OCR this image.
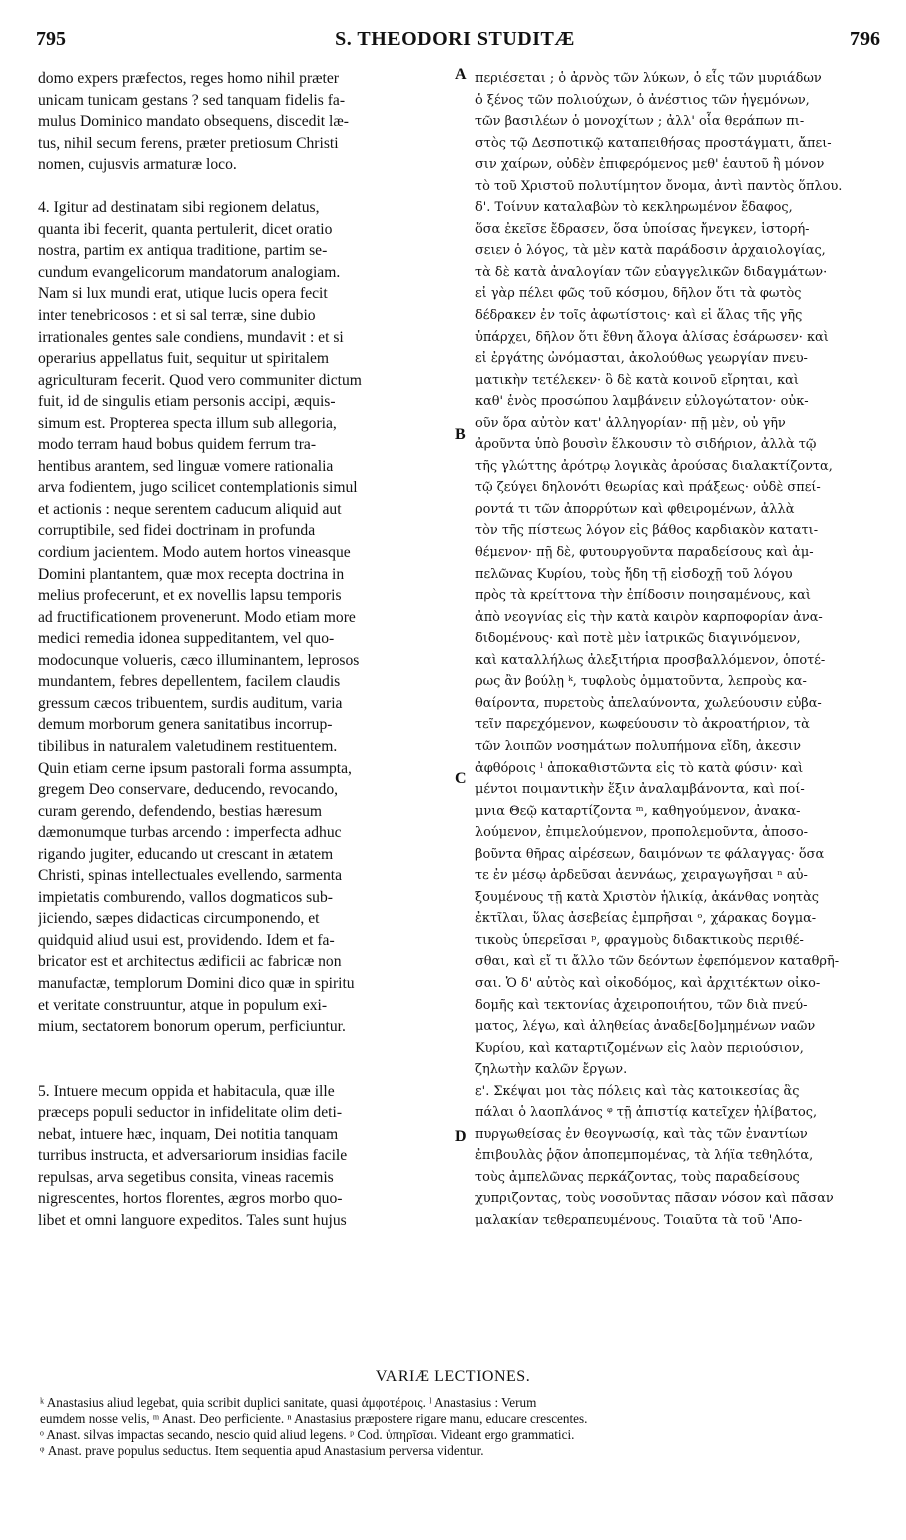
795	S. THEODORI STUDITÆ	796
domo expers præfectos, reges homo nihil præter
unicam tunicam gestans ? sed tanquam fidelis fa-
mulus Dominico mandato obsequens, discedit læ-
tus, nihil secum ferens, præter pretiosum Christi
nomen, cujusvis armaturæ loco.
4. Igitur ad destinatam sibi regionem delatus,
quanta ibi fecerit, quanta pertulerit, dicet oratio
nostra, partim ex antiqua traditione, partim se-
cundum evangelicorum mandatorum analogiam.
Nam si lux mundi erat, utique lucis opera fecit
inter tenebricosos : et si sal terræ, sine dubio
irrationales gentes sale condiens, mundavit : et si
operarius appellatus fuit, sequitur ut spiritalem
agriculturam fecerit. Quod vero communiter dictum
fuit, id de singulis etiam personis accipi, æquis-
simum est. Propterea specta illum sub allegoria,
modo terram haud bobus quidem ferrum tra-
hentibus arantem, sed linguæ vomere rationalia
arva fodientem, jugo scilicet contemplationis simul
et actionis : neque serentem caducum aliquid aut
corruptibile, sed fidei doctrinam in profunda
cordium jacientem. Modo autem hortos vineasque
Domini plantantem, quæ mox recepta doctrina in
melius profecerunt, et ex novellis lapsu temporis
ad fructificationem provenerunt. Modo etiam more
medici remedia idonea suppeditantem, vel quo-
modocunque volueris, cæco illuminantem, leprosos
mundantem, febres depellentem, facilem claudis
gressum cæcos tribuentem, surdis auditum, varia
demum morborum genera sanitatibus incorrup-
tibilibus in naturalem valetudinem restituentem.
Quin etiam cerne ipsum pastorali forma assumpta,
gregem Deo conservare, deducendo, revocando,
curam gerendo, defendendo, bestias hæresum
dæmonumque turbas arcendo : imperfecta adhuc
rigando jugiter, educando ut crescant in ætatem
Christi, spinas intellectuales evellendo, sarmenta
impietatis comburendo, vallos dogmaticos sub-
jiciendo, sæpes didacticas circumponendo, et
quidquid aliud usui est, providendo. Idem et fa-
bricator est et architectus ædificii ac fabricæ non
manufactæ, templorum Domini dico quæ in spiritu
et veritate construuntur, atque in populum exi-
mium, sectatorem bonorum operum, perficiuntur.
5. Intuere mecum oppida et habitacula, quæ ille
præceps populi seductor in infidelitate olim deti-
nebat, intuere hæc, inquam, Dei notitia tanquam
turribus instructa, et adversariorum insidias facile
repulsas, arva segetibus consita, vineas racemis
nigrescentes, hortos florentes, ægros morbo quo-
libet et omni languore expeditos. Tales sunt hujus
περιέσεται ; ὁ ἀρνὸς τῶν λύκων, ὁ εἷς τῶν μυριάδων
ὁ ξένος τῶν πολιούχων, ὁ ἀνέστιος τῶν ἡγεμόνων,
τῶν βασιλέων ὁ μονοχίτων ; ἀλλ' οἷα θεράπων πι-
στὸς τῷ Δεσποτικῷ καταπειθήσας προστάγματι, ἄπει-
σιν χαίρων, οὐδὲν ἐπιφερόμενος μεθ' ἑαυτοῦ ἢ μόνον
τὸ τοῦ Χριστοῦ πολυτίμητον ὄνομα, ἀντὶ παντὸς ὅπλου.
δ'. Τοίνυν καταλαβὼν τὸ κεκληρωμένον ἔδαφος,
ὅσα ἐκεῖσε ἔδρασεν, ὅσα ὑποίσας ἤνεγκεν, ἱστορή-
σειεν ὁ λόγος, τὰ μὲν κατὰ παράδοσιν ἀρχαιολογίας,
τὰ δὲ κατὰ ἀναλογίαν τῶν εὐαγγελικῶν διδαγμάτων·
εἰ γὰρ πέλει φῶς τοῦ κόσμου, δῆλον ὅτι τὰ φωτὸς
δέδρακεν ἐν τοῖς ἀφωτίστοις· καὶ εἰ ἅλας τῆς γῆς
ὑπάρχει, δῆλον ὅτι ἔθνη ἄλογα ἁλίσας ἐσάρωσεν· καὶ
εἰ ἐργάτης ὠνόμασται, ἀκολούθως γεωργίαν πνευ-
ματικὴν τετέλεκεν· ὃ δὲ κατὰ κοινοῦ εἴρηται, καὶ
καθ' ἑνὸς προσώπου λαμβάνειν εὐλογώτατον· οὐκ-
οῦν ὅρα αὐτὸν κατ' ἀλληγορίαν· πῇ μὲν, οὐ γῆν
ἀροῦντα ὑπὸ βουσὶν ἕλκουσιν τὸ σιδήριον, ἀλλὰ τῷ
τῆς γλώττης ἀρότρῳ λογικὰς ἀρούσας διαλακτίζοντα,
τῷ ζεύγει δηλονότι θεωρίας καὶ πράξεως· οὐδὲ σπεί-
ροντά τι τῶν ἀπορρύτων καὶ φθειρομένων, ἀλλὰ
τὸν τῆς πίστεως λόγον εἰς βάθος καρδιακὸν κατατι-
θέμενον· πῇ δὲ, φυτουργοῦντα παραδείσους καὶ ἀμ-
πελῶνας Κυρίου, τοὺς ἤδη τῇ εἰσδοχῇ τοῦ λόγου
πρὸς τὰ κρείττονα τὴν ἐπίδοσιν ποιησαμένους, καὶ
ἀπὸ νεογνίας εἰς τὴν κατὰ καιρὸν καρποφορίαν ἀνα-
διδομένους· καὶ ποτὲ μὲν ἰατρικῶς διαγινόμενον,
καὶ καταλλήλως ἀλεξιτήρια προσβαλλόμενον, ὁποτέ-
ρως ἂν βούλῃ ᵏ, τυφλοὺς ὀμματοῦντα, λεπροὺς κα-
θαίροντα, πυρετοὺς ἀπελαύνοντα, χωλεύουσιν εὐβα-
τεῖν παρεχόμενον, κωφεύουσιν τὸ ἀκροατήριον, τὰ
τῶν λοιπῶν νοσημάτων πολυπήμονα εἴδη, ἀκεσιν
ἀφθόροις ˡ ἀποκαθιστῶντα εἰς τὸ κατὰ φύσιν· καὶ
μέντοι ποιμαντικὴν ἕξιν ἀναλαμβάνοντα, καὶ ποί-
μνια Θεῷ καταρτίζοντα ᵐ, καθηγούμενον, ἀνακα-
λούμενον, ἐπιμελούμενον, προπολεμοῦντα, ἀποσο-
βοῦντα θῆρας αἱρέσεων, δαιμόνων τε φάλαγγας· ὅσα
τε ἐν μέσῳ ἀρδεῦσαι ἀεννάως, χειραγωγῆσαι ⁿ αὐ-
ξουμένους τῇ κατὰ Χριστὸν ἡλικίᾳ, ἀκάνθας νοητὰς
ἐκτῖλαι, ὕλας ἀσεβείας ἐμπρῆσαι ᵒ, χάρακας δογμα-
τικοὺς ὑπερεῖσαι ᵖ, φραγμοὺς διδακτικοὺς περιθέ-
σθαι, καὶ εἴ τι ἄλλο τῶν δεόντων ἐφεπόμενον καταθρῆ-
σαι. Ὁ δ' αὐτὸς καὶ οἰκοδόμος, καὶ ἀρχιτέκτων οἰκο-
δομῆς καὶ τεκτονίας ἀχειροποιήτου, τῶν διὰ πνεύ-
ματος, λέγω, καὶ ἀληθείας ἀναδε[δο]μημένων ναῶν
Κυρίου, καὶ καταρτιζομένων εἰς λαὸν περιούσιον,
ζηλωτὴν καλῶν ἔργων.
ε'. Σκέψαι μοι τὰς πόλεις καὶ τὰς κατοικεσίας ἃς
πάλαι ὁ λαοπλάνος ᵠ τῇ ἀπιστίᾳ κατεῖχεν ἠλίβατος,
πυργωθείσας ἐν θεογνωσίᾳ, καὶ τὰς τῶν ἐναντίων
ἐπιβουλὰς ῥᾷον ἀποπεμπομένας, τὰ λήϊα τεθηλότα,
τοὺς ἀμπελῶνας περκάζοντας, τοὺς παραδείσους
χυπριζοντας, τοὺς νοσοῦντας πᾶσαν νόσον καὶ πᾶσαν
μαλακίαν τεθεραπευμένους. Τοιαῦτα τὰ τοῦ 'Απο-
A
B
C
D
VARIÆ LECTIONES.
ᵏ Anastasius aliud legebat, quia scribit duplici sanitate, quasi ἀμφοτέροις. ˡ Anastasius : Verum
eumdem nosse velis, ᵐ Anast. Deo perficiente. ⁿ Anastasius præpostere rigare manu, educare crescentes.
ᵒ Anast. silvas impactas secando, nescio quid aliud legens. ᵖ Cod. ὑπηρῖσαι. Videant ergo grammatici.
ᵠ Anast. prave populus seductus. Item sequentia apud Anastasium perversa videntur.
